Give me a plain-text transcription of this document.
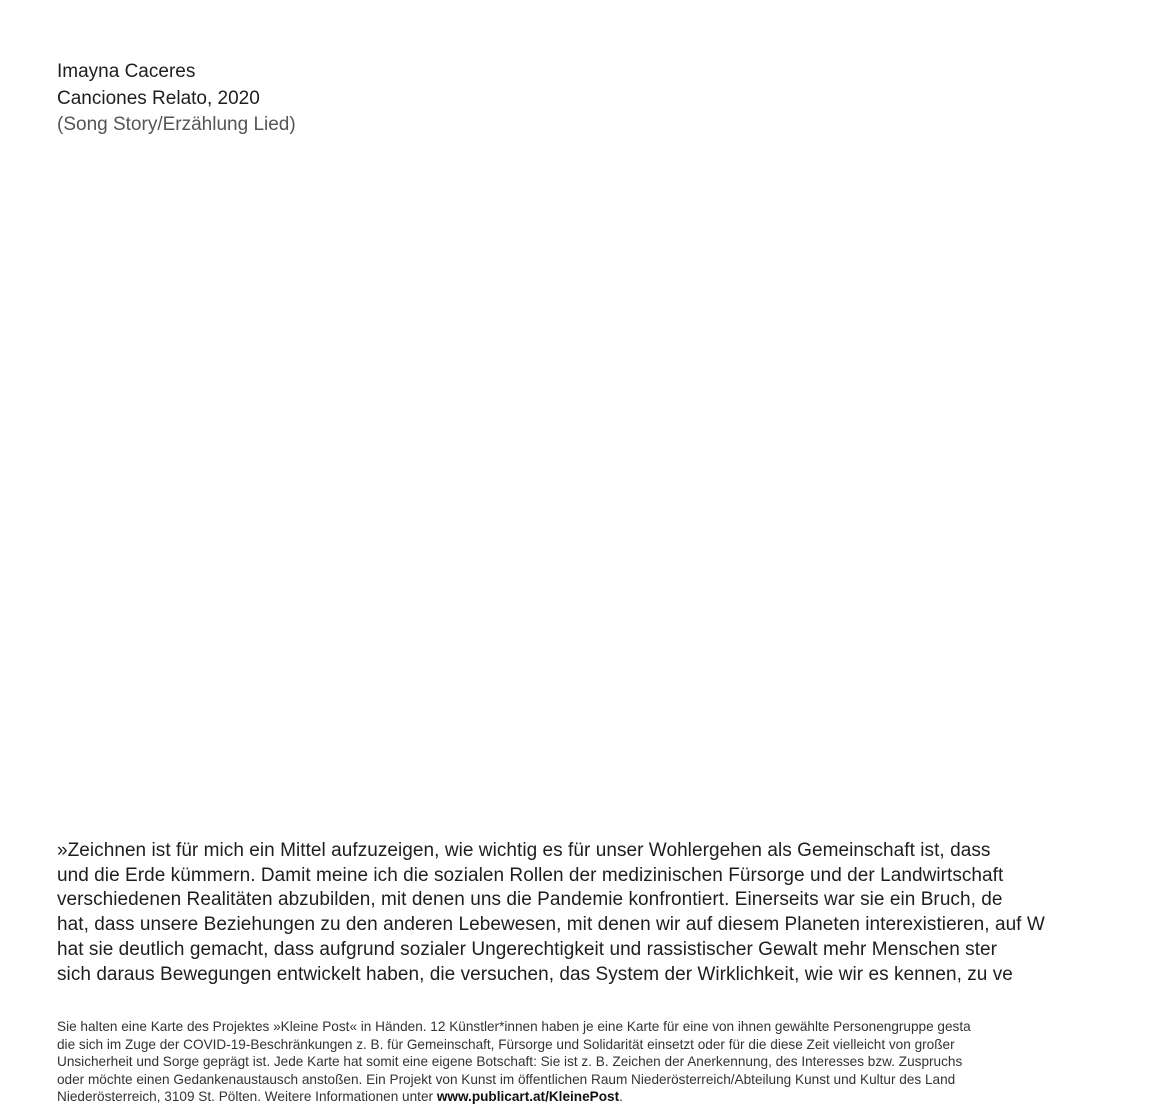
Imayna Caceres
Canciones Relato, 2020
(Song Story/Erzählung Lied)
»Zeichnen ist für mich ein Mittel aufzuzeigen, wie wichtig es für unser Wohlergehen als Gemeinschaft ist, dass
und die Erde kümmern. Damit meine ich die sozialen Rollen der medizinischen Fürsorge und der Landwirtschaft
verschiedenen Realitäten abzubilden, mit denen uns die Pandemie konfrontiert. Einerseits war sie ein Bruch, de
hat, dass unsere Beziehungen zu den anderen Lebewesen, mit denen wir auf diesem Planeten interexistieren, auf W
hat sie deutlich gemacht, dass aufgrund sozialer Ungerechtigkeit und rassistischer Gewalt mehr Menschen ster
sich daraus Bewegungen entwickelt haben, die versuchen, das System der Wirklichkeit, wie wir es kennen, zu ve
Sie halten eine Karte des Projektes »Kleine Post« in Händen. 12 Künstler*innen haben je eine Karte für eine von ihnen gewählte Personengruppe gesta
die sich im Zuge der COVID-19-Beschränkungen z. B. für Gemeinschaft, Fürsorge und Solidarität einsetzt oder für die diese Zeit vielleicht von großer
Unsicherheit und Sorge geprägt ist. Jede Karte hat somit eine eigene Botschaft: Sie ist z. B. Zeichen der Anerkennung, des Interesses bzw. Zuspruchs
oder möchte einen Gedankenaustausch anstoßen. Ein Projekt von Kunst im öffentlichen Raum Niederösterreich/Abteilung Kunst und Kultur des Land
Niederösterreich, 3109 St. Pölten. Weitere Informationen unter www.publicart.at/KleinePost.
